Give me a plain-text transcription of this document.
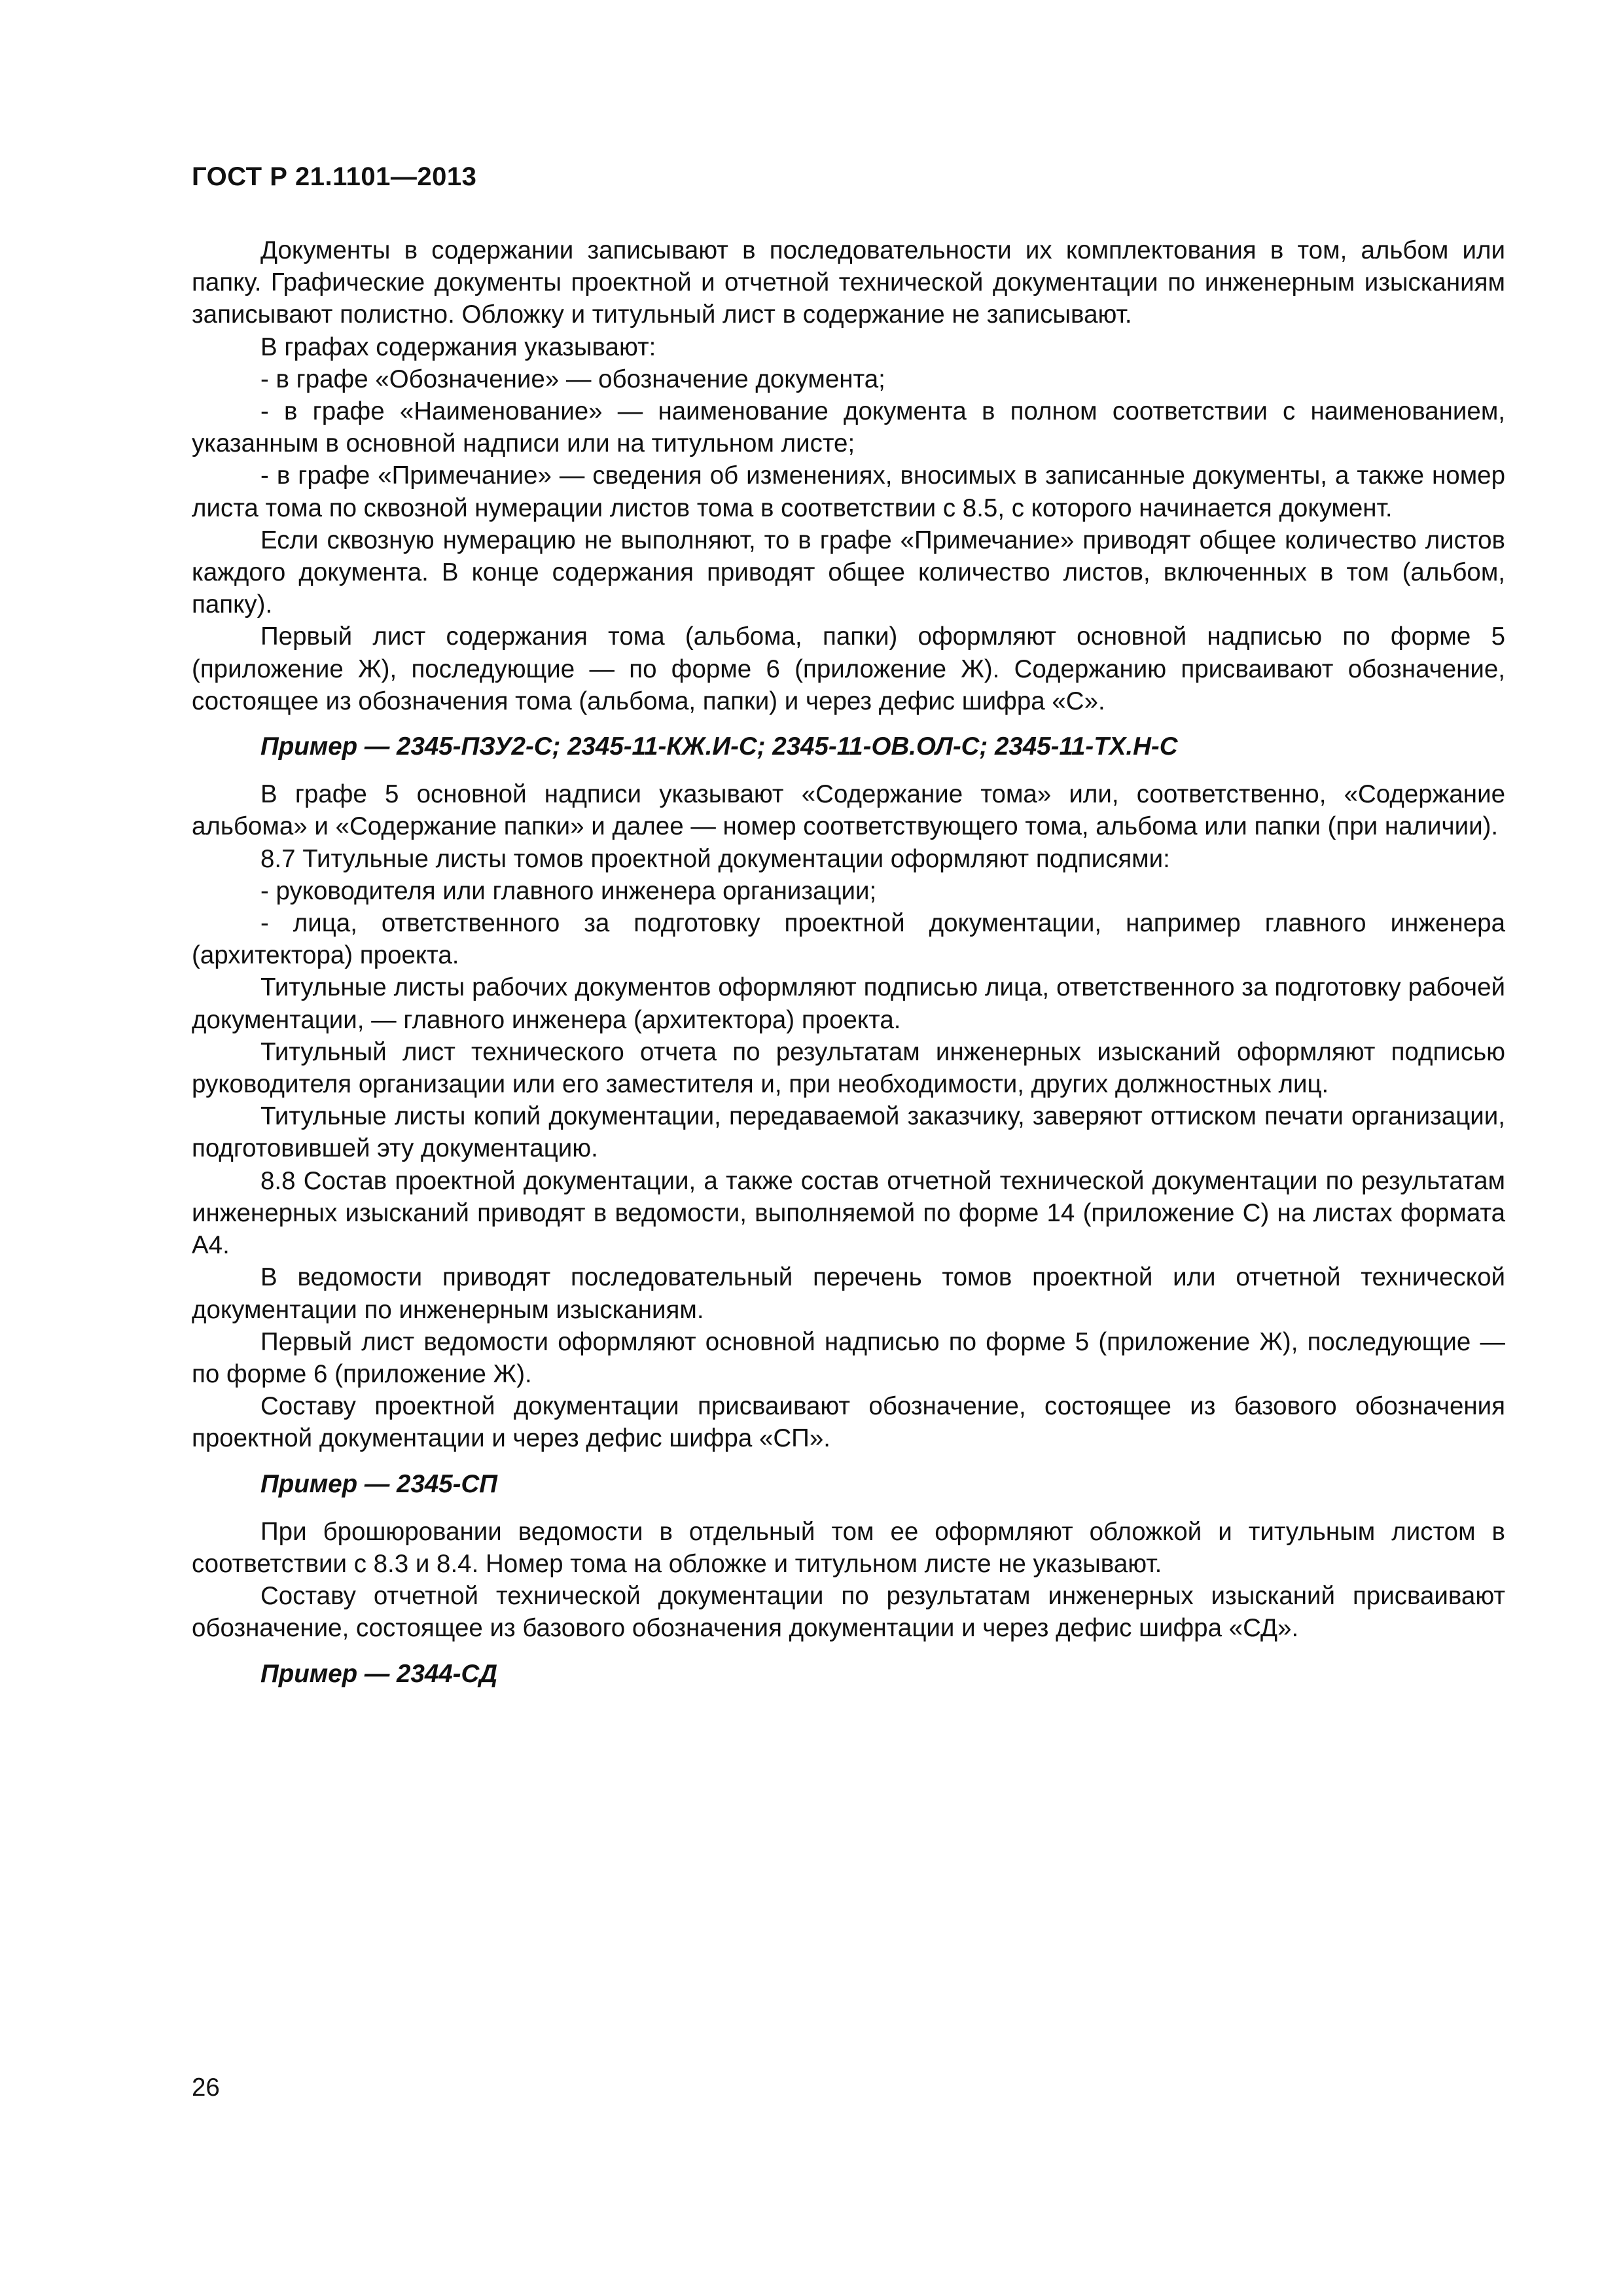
ГОСТ Р 21.1101—2013

Документы в содержании записывают в последовательности их комплектования в том, альбом или папку. Графические документы проектной и отчетной технической документации по инженерным изысканиям записывают полистно. Обложку и титульный лист в содержание не записывают.

В графах содержания указывают:

- в графе «Обозначение» — обозначение документа;

- в графе «Наименование» — наименование документа в полном соответствии с наименованием, указанным в основной надписи или на титульном листе;

- в графе «Примечание» — сведения об изменениях, вносимых в записанные документы, а также номер листа тома по сквозной нумерации листов тома в соответствии с 8.5, с которого начинается документ.

Если сквозную нумерацию не выполняют, то в графе «Примечание» приводят общее количество листов каждого документа. В конце содержания приводят общее количество листов, включенных в том (альбом, папку).

Первый лист содержания тома (альбома, папки) оформляют основной надписью по форме 5 (приложение Ж), последующие — по форме 6 (приложение Ж). Содержанию присваивают обозначение, состоящее из обозначения тома (альбома, папки) и через дефис шифра «С».

Пример — 2345-ПЗУ2-С; 2345-11-КЖ.И-С; 2345-11-ОВ.ОЛ-С; 2345-11-ТХ.Н-С

В графе 5 основной надписи указывают «Содержание тома» или, соответственно, «Содержание альбома» и «Содержание папки» и далее — номер соответствующего тома, альбома или папки (при наличии).

8.7 Титульные листы томов проектной документации оформляют подписями:

- руководителя или главного инженера организации;

- лица, ответственного за подготовку проектной документации, например главного инженера (архитектора) проекта.

Титульные листы рабочих документов оформляют подписью лица, ответственного за подготовку рабочей документации, — главного инженера (архитектора) проекта.

Титульный лист технического отчета по результатам инженерных изысканий оформляют подписью руководителя организации или его заместителя и, при необходимости, других должностных лиц.

Титульные листы копий документации, передаваемой заказчику, заверяют оттиском печати организации, подготовившей эту документацию.

8.8 Состав проектной документации, а также состав отчетной технической документации по результатам инженерных изысканий приводят в ведомости, выполняемой по форме 14 (приложение С) на листах формата А4.

В ведомости приводят последовательный перечень томов проектной или отчетной технической документации по инженерным изысканиям.

Первый лист ведомости оформляют основной надписью по форме 5 (приложение Ж), последующие — по форме 6 (приложение Ж).

Составу проектной документации присваивают обозначение, состоящее из базового обозначения проектной документации и через дефис шифра «СП».

Пример — 2345-СП

При брошюровании ведомости в отдельный том ее оформляют обложкой и титульным листом в соответствии с 8.3 и 8.4. Номер тома на обложке и титульном листе не указывают.

Составу отчетной технической документации по результатам инженерных изысканий присваивают обозначение, состоящее из базового обозначения документации и через дефис шифра «СД».

Пример — 2344-СД

26
